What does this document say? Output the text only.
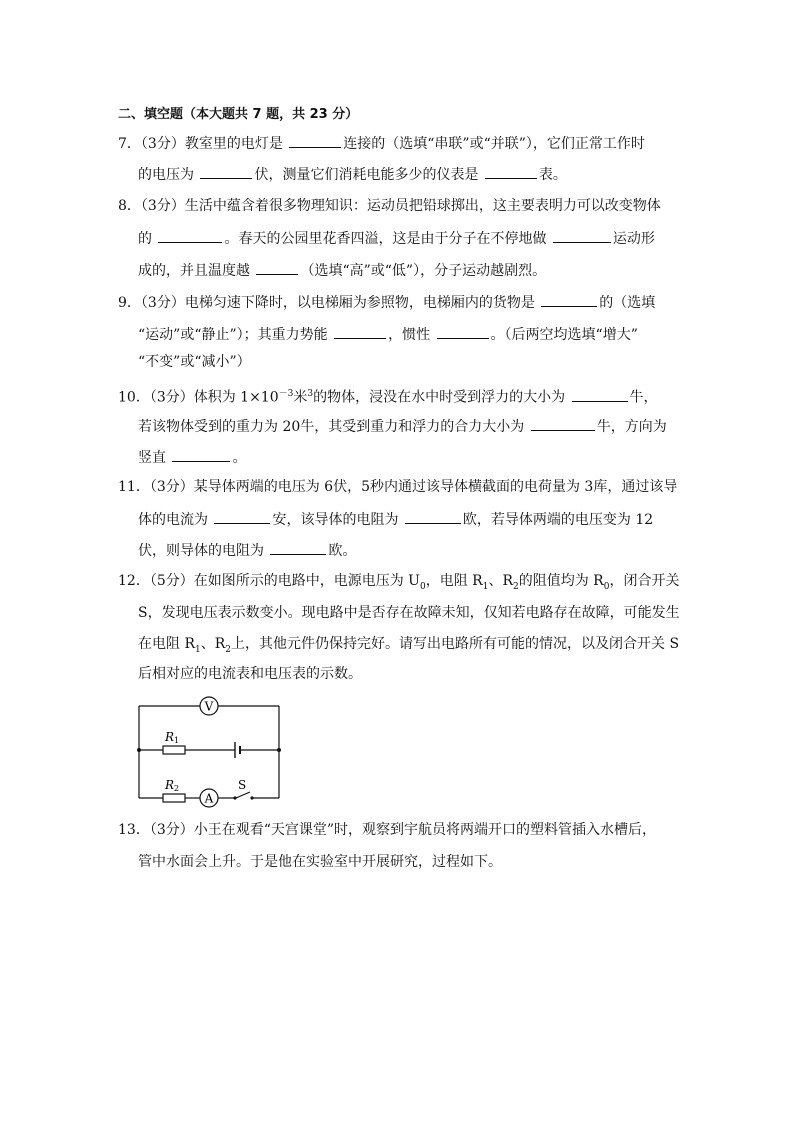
二、填空题（本大题共 7 题，共 23 分）
7．（3分）教室里的电灯是	连接的（选填“串联”或“并联”），它们正常工作时
的电压为	伏，测量它们消耗电能多少的仪表是	表。
8．（3分）生活中蕴含着很多物理知识：运动员把铅球掷出，这主要表明力可以改变物体
的	。春天的公园里花香四溢，这是由于分子在不停地做	运动形
成的，并且温度越	（选填“高”或“低”），分子运动越剧烈。
9．（3分）电梯匀速下降时，以电梯厢为参照物，电梯厢内的货物是	的（选填
“运动”或“静止”）；其重力势能	，惯性	。（后两空均选填“增大”
“不变”或“减小”）
10．（3分）体积为 $1\times 10^{-3}$米$^3$的物体，浸没在水中时受到浮力的大小为	牛，
若该物体受到的重力为 20牛，其受到重力和浮力的合力大小为	牛，方向为
竖直	。
11．（3分）某导体两端的电压为 6伏，5秒内通过该导体横截面的电荷量为 3库，通过该导
体的电流为	安，该导体的电阻为	欧，若导体两端的电压变为 12
伏，则导体的电阻为	欧。
12．（5分）在如图所示的电路中，电源电压为 $U_0$，电阻 $R_1$、$R_2$的阻值均为 $R_0$，闭合开关
S，发现电压表示数变小。现电路中是否存在故障未知，仅知若电路存在故障，可能发生
在电阻 $R_1$、$R_2$上，其他元件仍保持完好。请写出电路所有可能的情况，以及闭合开关 S
后相对应的电流表和电压表的示数。
V
A
R 1
R 2	S
13．（3分）小王在观看“天宫课堂”时，观察到宇航员将两端开口的塑料管插入水槽后，
管中水面会上升。于是他在实验室中开展研究，过程如下。
